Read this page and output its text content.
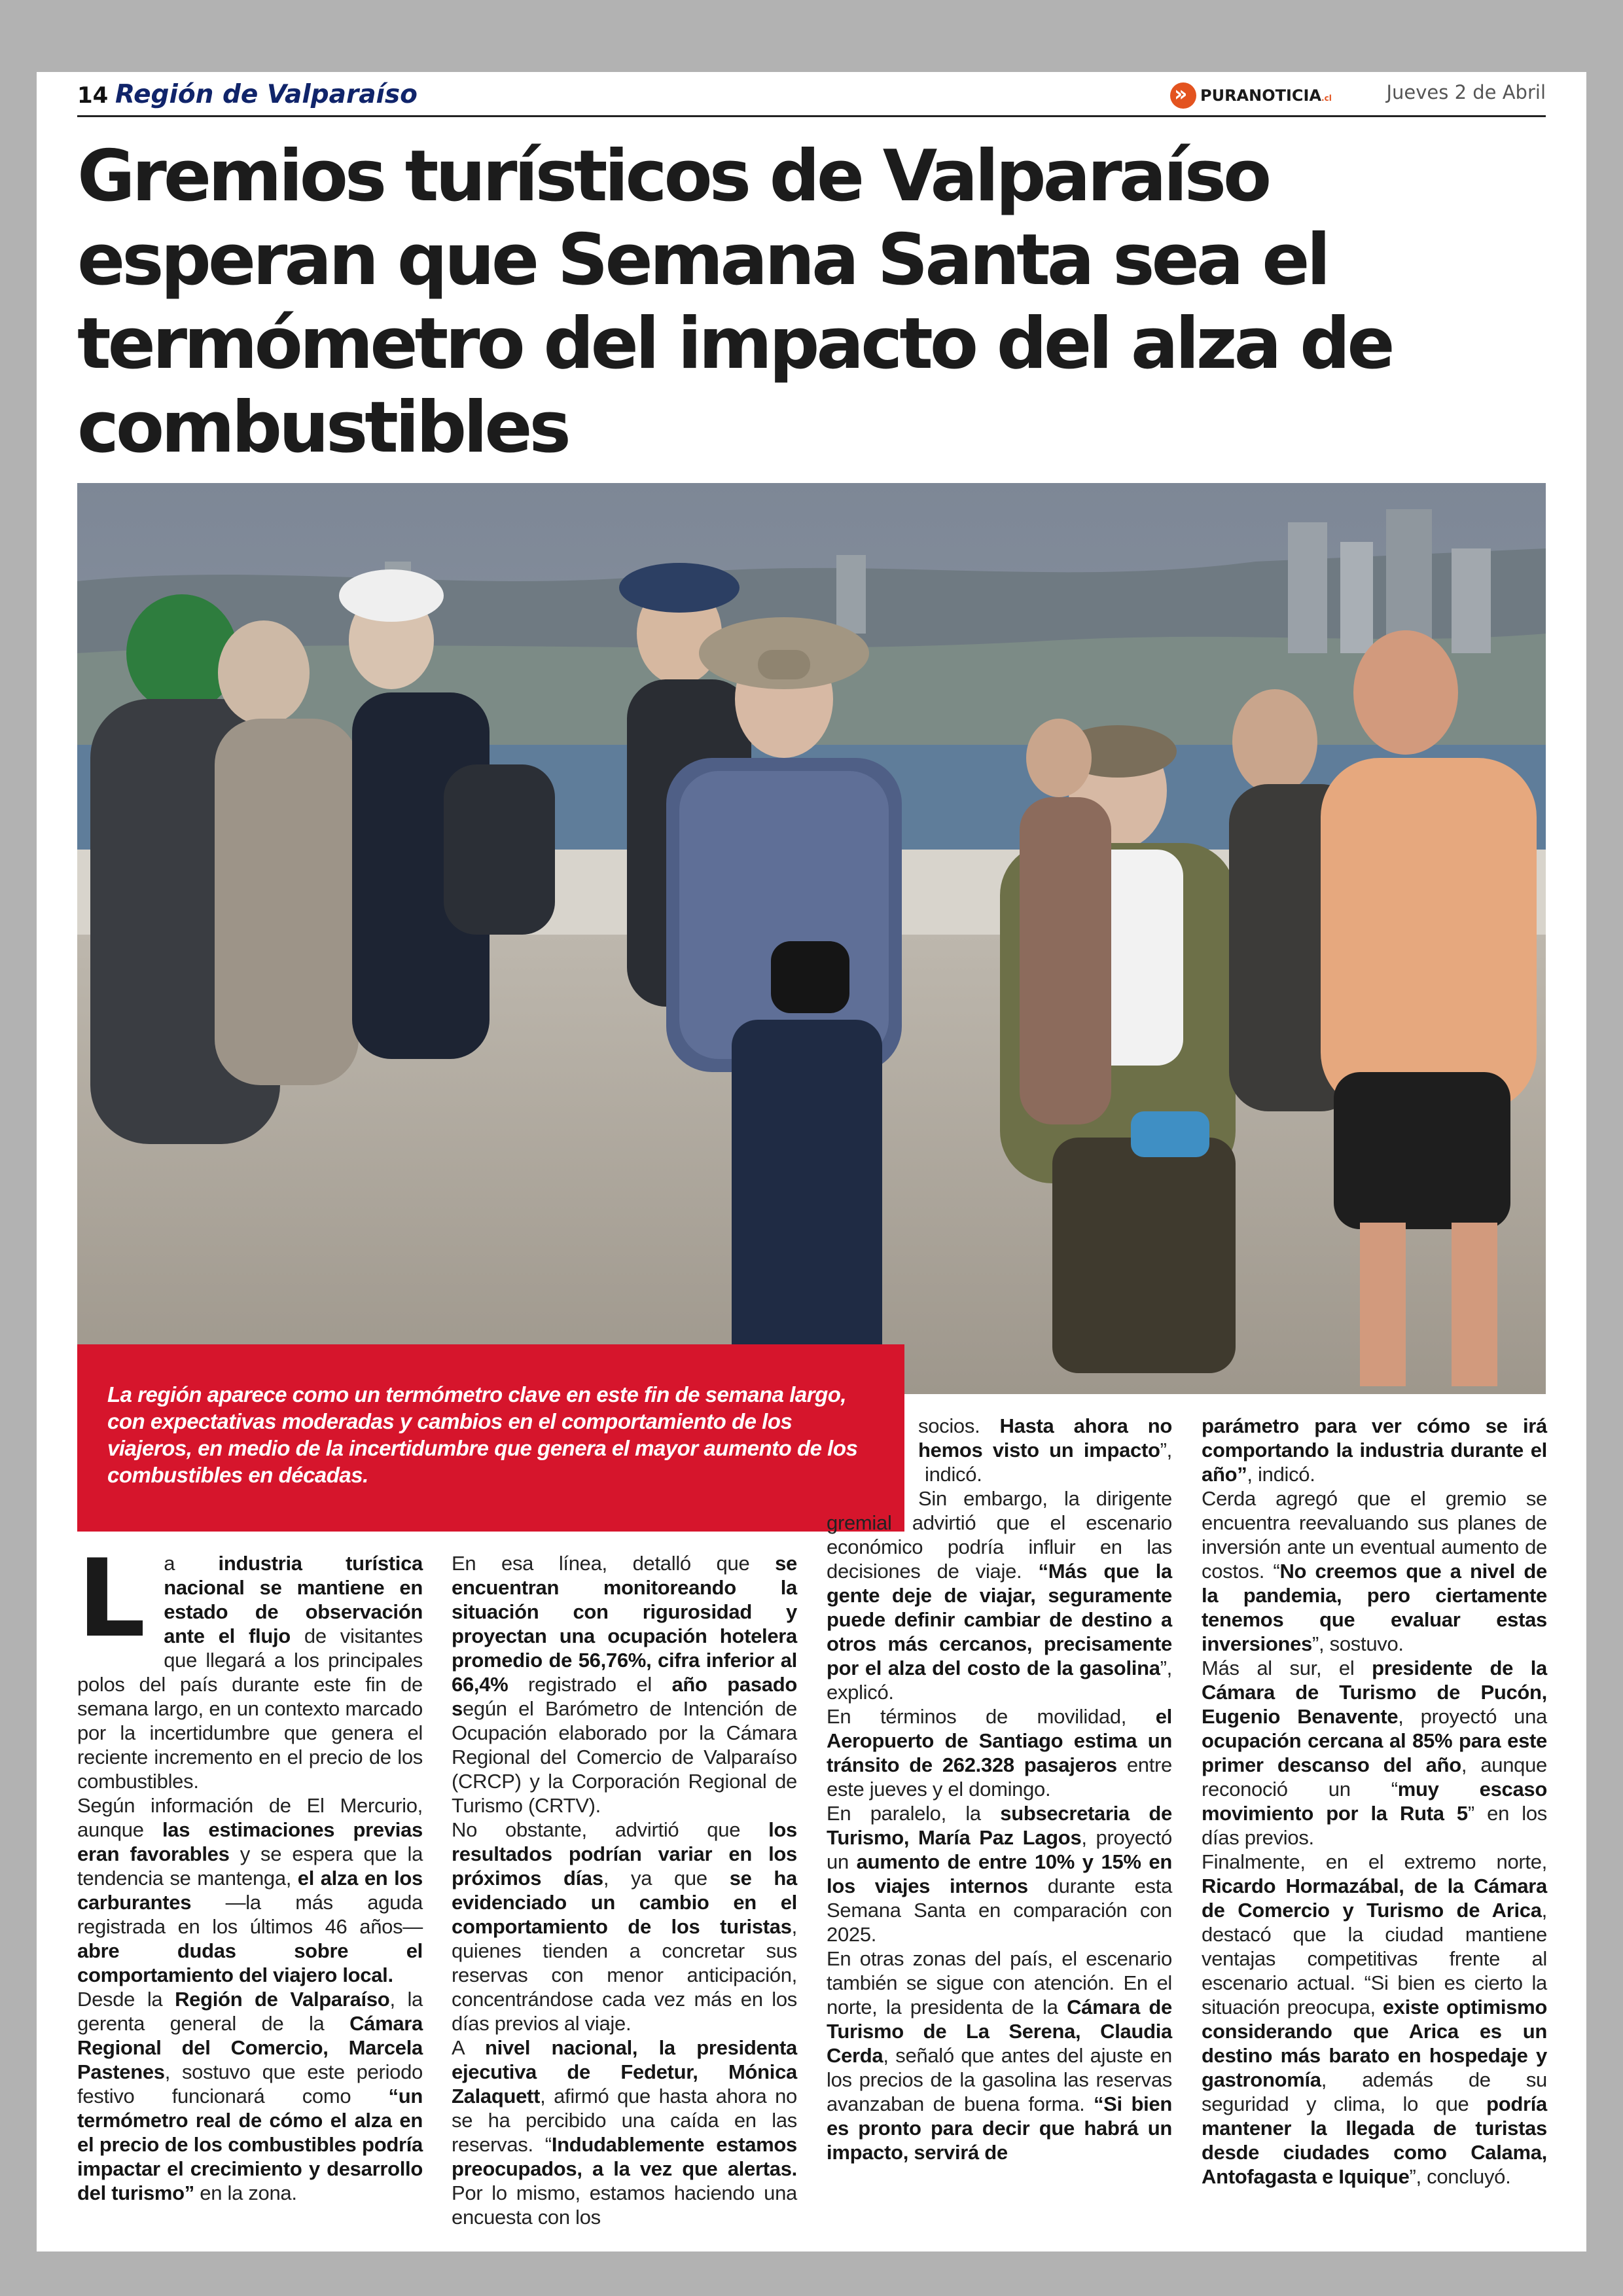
14 Región de Valparaíso
››	PURANOTICIA.cl	Jueves 2 de Abril
Gremios turísticos de Valparaíso esperan que Semana Santa sea el termómetro del impacto del alza de combustibles

La región aparece como un termómetro clave en este fin de semana largo, con expectativas moderadas y cambios en el comportamiento de los viajeros, en medio de la incertidumbre que genera el mayor aumento de los combustibles en décadas.

La industria turística nacional se mantiene en estado de observación ante el flujo de visitantes que llegará a los principales polos del país durante este fin de semana largo, en un contexto marcado por la incertidumbre que genera el reciente incremento en el precio de los combustibles.

Según información de El Mercurio, aunque las estimaciones previas eran favorables y se espera que la tendencia se mantenga, el alza en los carburantes —la más aguda registrada en los últimos 46 años— abre dudas sobre el comportamiento del viajero local.

Desde la Región de Valparaíso, la gerenta general de la Cámara Regional del Comercio, Marcela Pastenes, sostuvo que este periodo festivo funcionará como “un termómetro real de cómo el alza en el precio de los combustibles podría impactar el crecimiento y desarrollo del turismo” en la zona.

En esa línea, detalló que se encuentran monitoreando la situación con rigurosidad y proyectan una ocupación hotelera promedio de 56,76%, cifra inferior al 66,4% registrado el año pasado según el Barómetro de Intención de Ocupación elaborado por la Cámara Regional del Comercio de Valparaíso (CRCP) y la Corporación Regional de Turismo (CRTV).

No obstante, advirtió que los resultados podrían variar en los próximos días, ya que se ha evidenciado un cambio en el comportamiento de los turistas, quienes tienden a concretar sus reservas con menor anticipación, concentrándose cada vez más en los días previos al viaje.

A nivel nacional, la presidenta ejecutiva de Fedetur, Mónica Zalaquett, afirmó que hasta ahora no se ha percibido una caída en las reservas. “Indudablemente estamos preocupados, a la vez que alertas. Por lo mismo, estamos haciendo una encuesta con los

socios. Hasta ahora no hemos visto un impacto”, indicó.

Sin embargo, la dirigente gremial advirtió que el escenario económico podría influir en las decisiones de viaje. “Más que la gente deje de viajar, seguramente puede definir cambiar de destino a otros más cercanos, precisamente por el alza del costo de la gasolina”, explicó.

En términos de movilidad, el Aeropuerto de Santiago estima un tránsito de 262.328 pasajeros entre este jueves y el domingo.

En paralelo, la subsecretaria de Turismo, María Paz Lagos, proyectó un aumento de entre 10% y 15% en los viajes internos durante esta Semana Santa en comparación con 2025.

En otras zonas del país, el escenario también se sigue con atención. En el norte, la presidenta de la Cámara de Turismo de La Serena, Claudia Cerda, señaló que antes del ajuste en los precios de la gasolina las reservas avanzaban de buena forma. “Si bien es pronto para decir que habrá un impacto, servirá de

parámetro para ver cómo se irá comportando la industria durante el año”, indicó.

Cerda agregó que el gremio se encuentra reevaluando sus planes de inversión ante un eventual aumento de costos. “No creemos que a nivel de la pandemia, pero ciertamente tenemos que evaluar estas inversiones”, sostuvo.

Más al sur, el presidente de la Cámara de Turismo de Pucón, Eugenio Benavente, proyectó una ocupación cercana al 85% para este primer descanso del año, aunque reconoció un “muy escaso movimiento por la Ruta 5” en los días previos.

Finalmente, en el extremo norte, Ricardo Hormazábal, de la Cámara de Comercio y Turismo de Arica, destacó que la ciudad mantiene ventajas competitivas frente al escenario actual. “Si bien es cierto la situación preocupa, existe optimismo considerando que Arica es un destino más barato en hospedaje y gastronomía, además de su seguridad y clima, lo que podría mantener la llegada de turistas desde ciudades como Calama, Antofagasta e Iquique”, concluyó.
